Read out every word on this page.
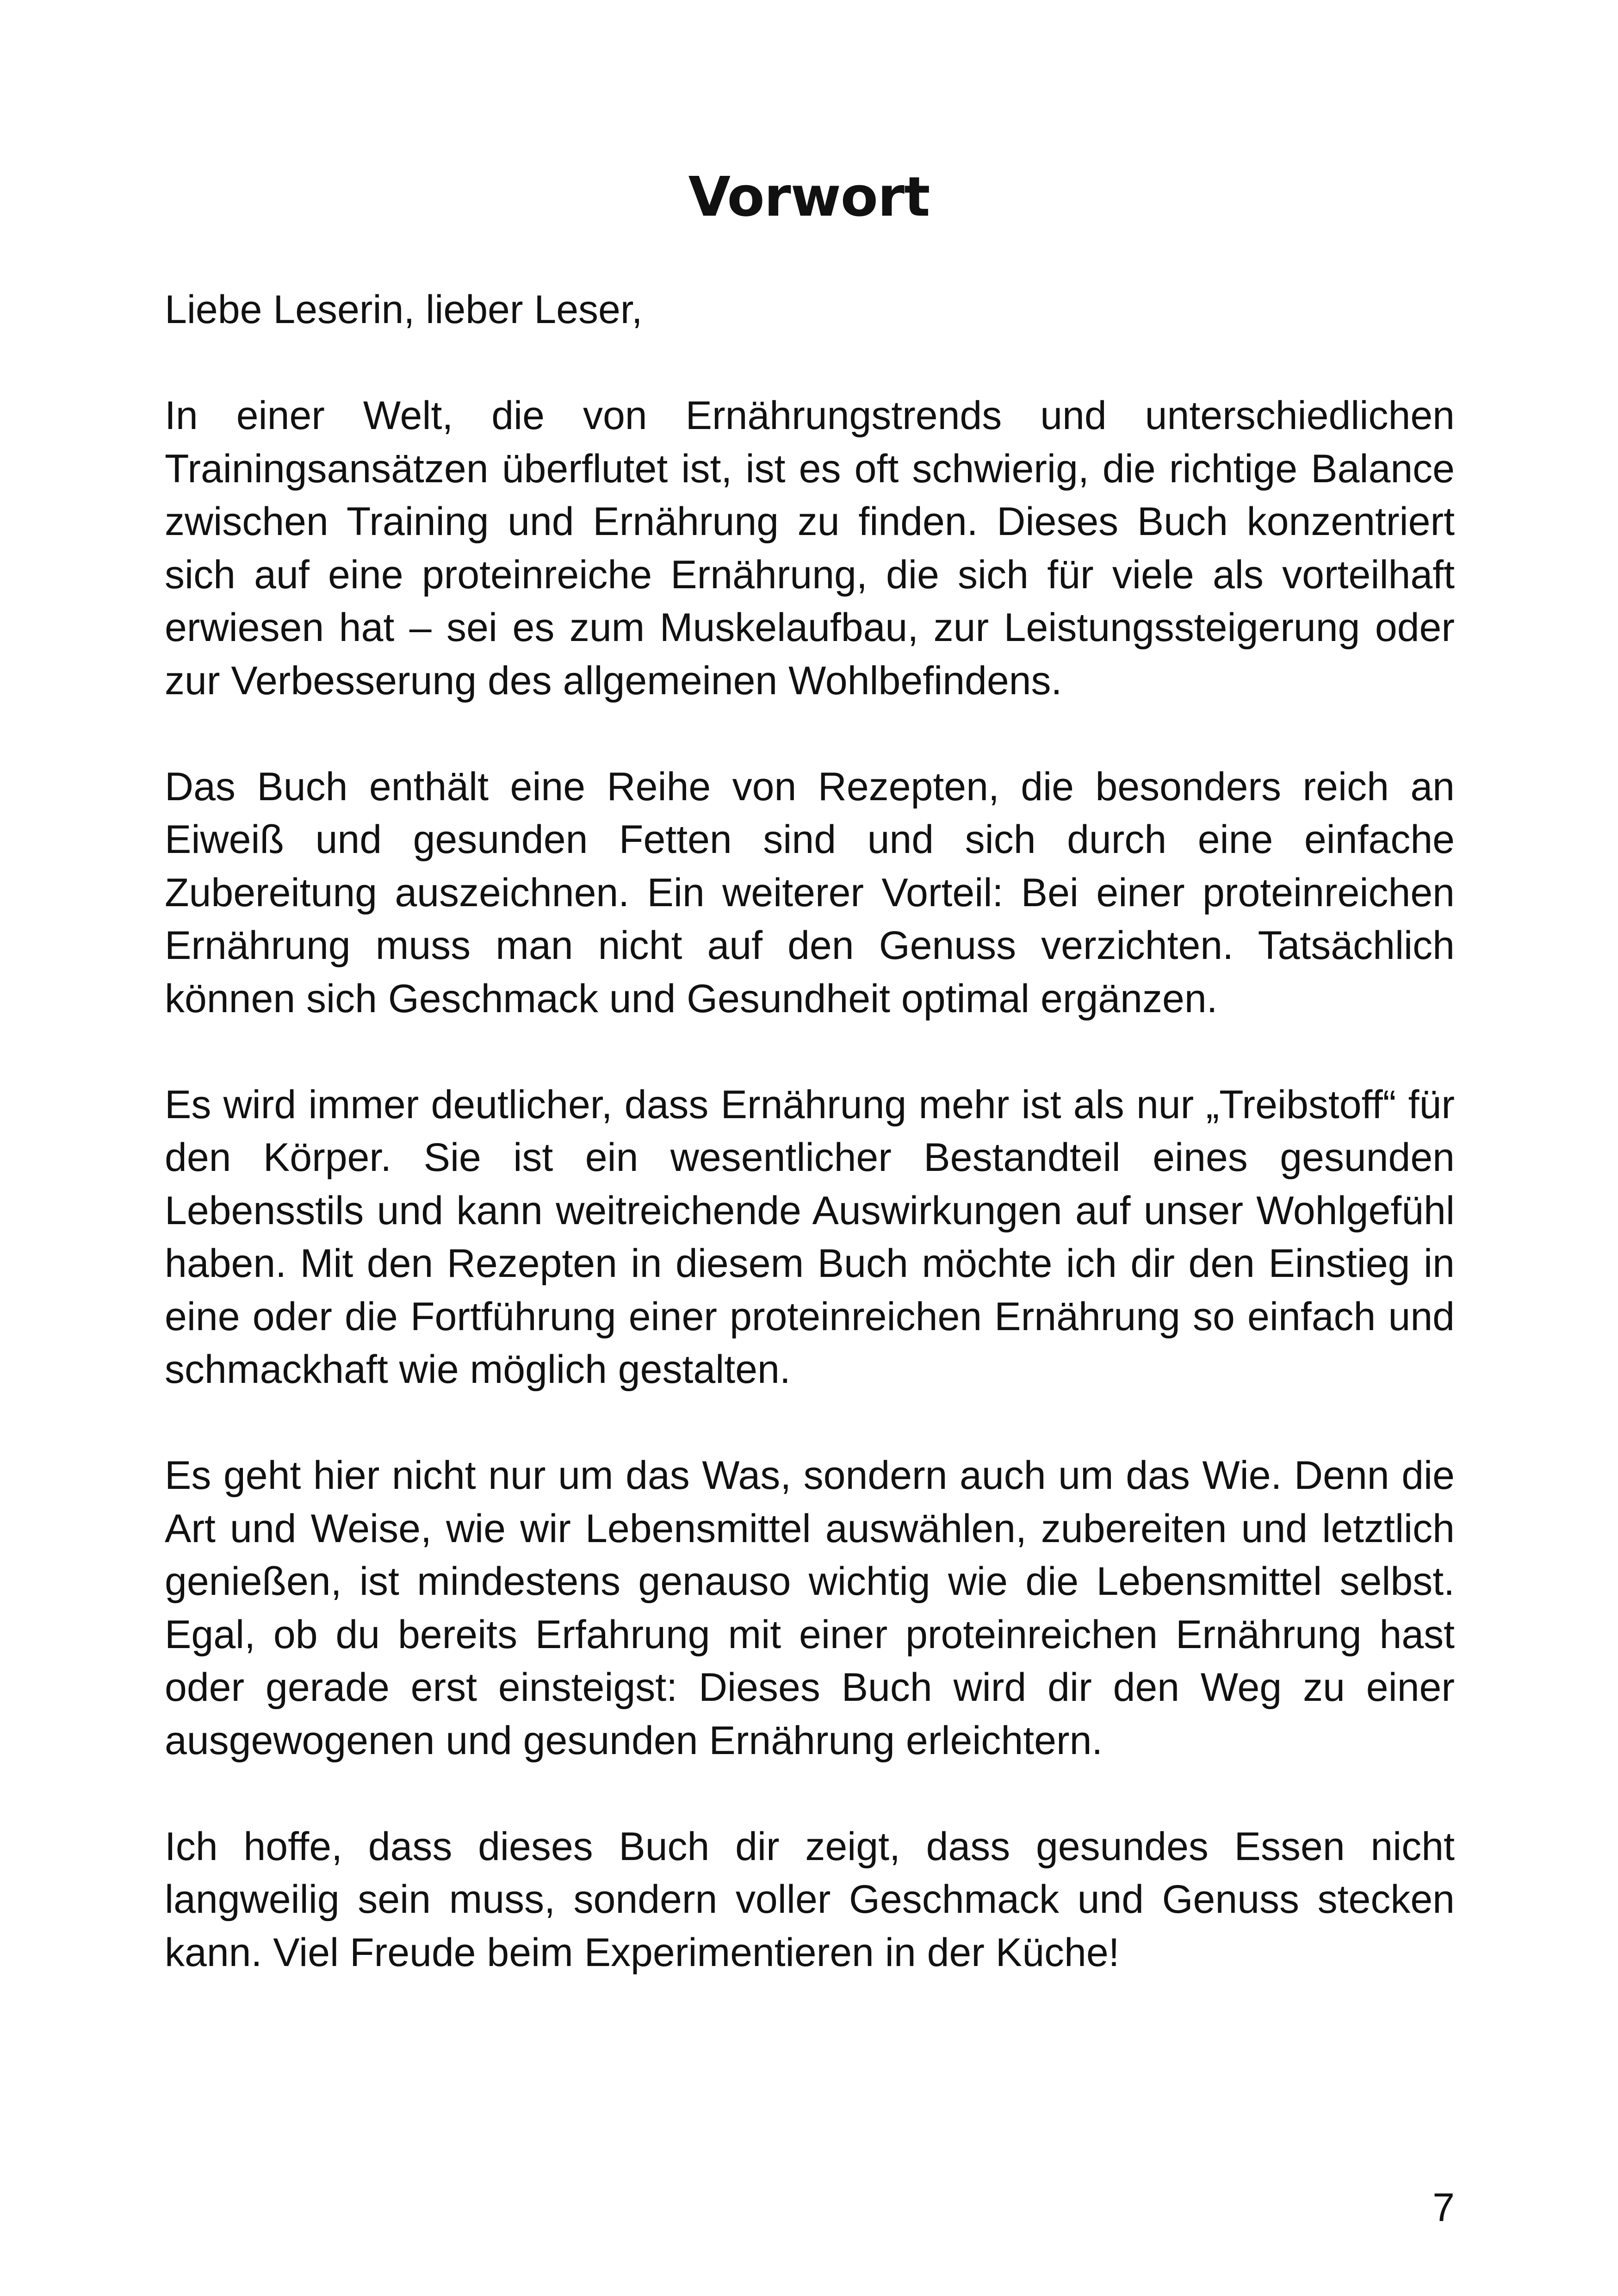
Vorwort

Liebe Leserin, lieber Leser,

In einer Welt, die von Ernährungstrends und unterschiedlichen Trainingsansätzen überflutet ist, ist es oft schwierig, die richtige Balance zwischen Training und Ernährung zu finden. Dieses Buch konzentriert sich auf eine proteinreiche Ernährung, die sich für viele als vorteilhaft erwiesen hat – sei es zum Muskelaufbau, zur Leistungssteigerung oder zur Verbesserung des allgemeinen Wohlbefindens.

Das Buch enthält eine Reihe von Rezepten, die besonders reich an Eiweiß und gesunden Fetten sind und sich durch eine einfache Zubereitung auszeichnen. Ein weiterer Vorteil: Bei einer proteinreichen Ernährung muss man nicht auf den Genuss verzichten. Tatsächlich können sich Geschmack und Gesundheit optimal ergänzen.

Es wird immer deutlicher, dass Ernährung mehr ist als nur „Treibstoff“ für den Körper. Sie ist ein wesentlicher Bestandteil eines gesunden Lebensstils und kann weitreichende Auswirkungen auf unser Wohlgefühl haben. Mit den Rezepten in diesem Buch möchte ich dir den Einstieg in eine oder die Fortführung einer proteinreichen Ernährung so einfach und schmackhaft wie möglich gestalten.

Es geht hier nicht nur um das Was, sondern auch um das Wie. Denn die Art und Weise, wie wir Lebensmittel auswählen, zubereiten und letztlich genießen, ist mindestens genauso wichtig wie die Lebensmittel selbst. Egal, ob du bereits Erfahrung mit einer proteinreichen Ernährung hast oder gerade erst einsteigst: Dieses Buch wird dir den Weg zu einer ausgewogenen und gesunden Ernährung erleichtern.

Ich hoffe, dass dieses Buch dir zeigt, dass gesundes Essen nicht langweilig sein muss, sondern voller Geschmack und Genuss stecken kann. Viel Freude beim Experimentieren in der Küche!

7
